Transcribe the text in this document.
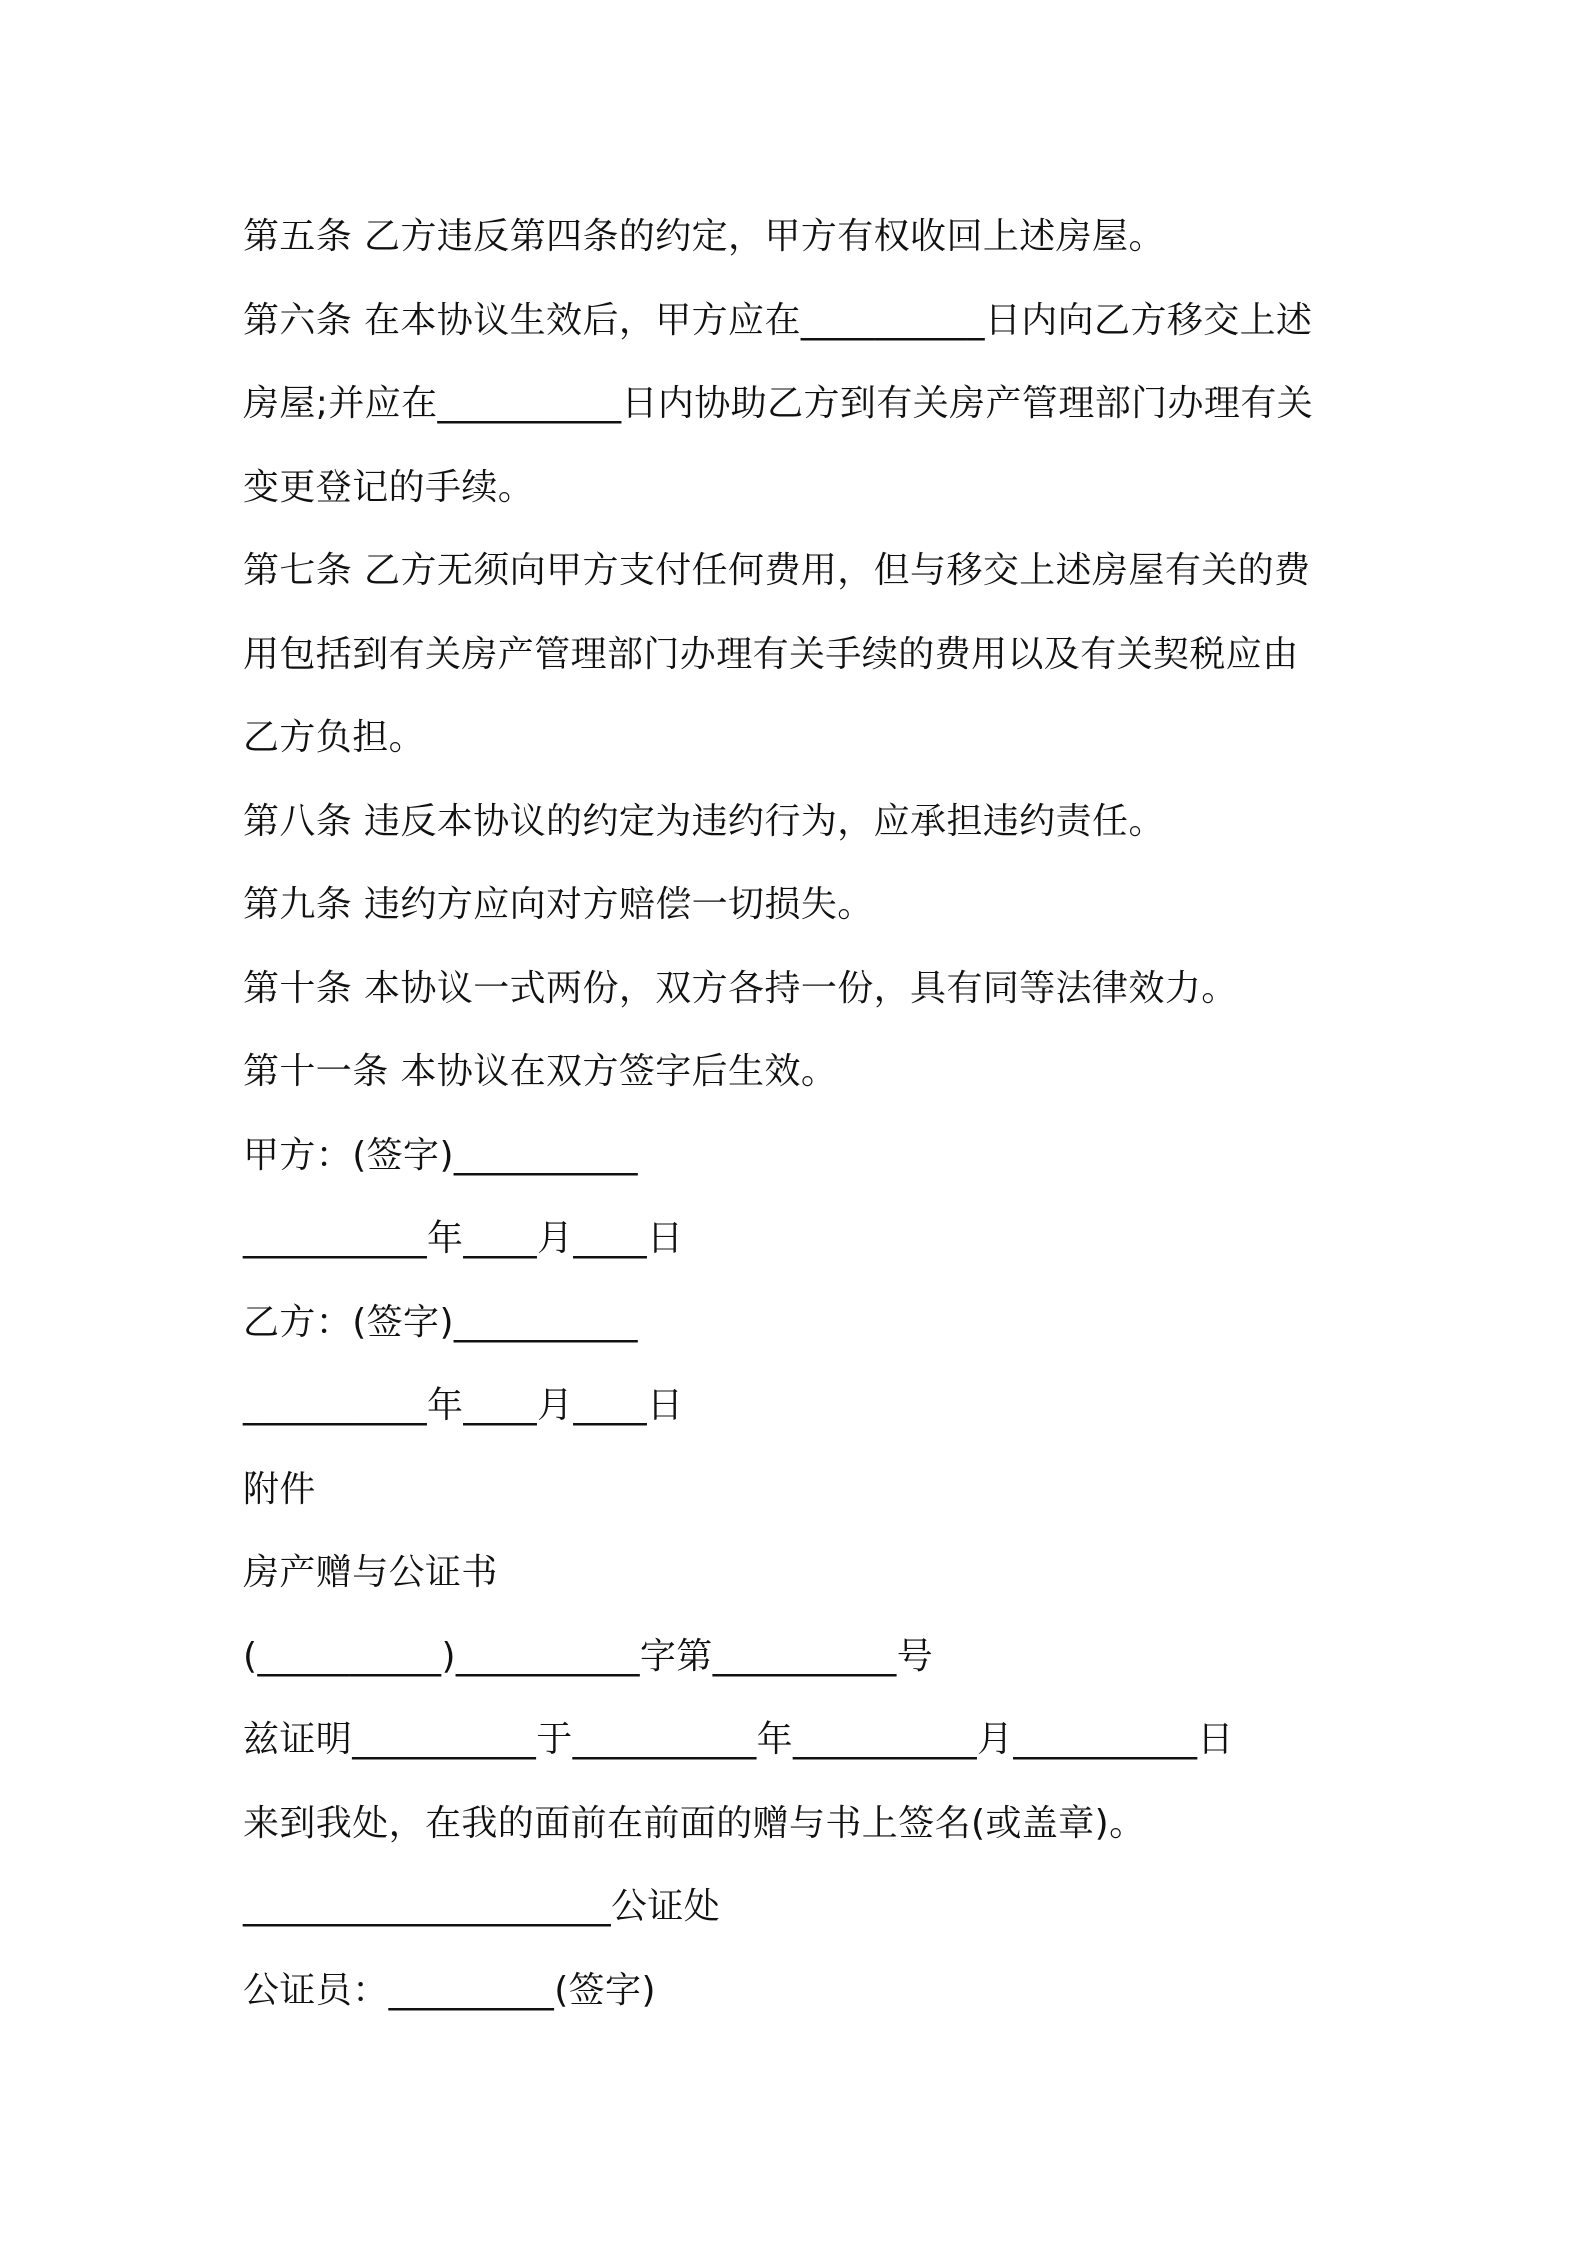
第五条 乙方违反第四条的约定，甲方有权收回上述房屋。
第六条 在本协议生效后，甲方应在__________日内向乙方移交上述
房屋;并应在__________日内协助乙方到有关房产管理部门办理有关
变更登记的手续。
第七条 乙方无须向甲方支付任何费用，但与移交上述房屋有关的费
用包括到有关房产管理部门办理有关手续的费用以及有关契税应由
乙方负担。
第八条 违反本协议的约定为违约行为，应承担违约责任。
第九条 违约方应向对方赔偿一切损失。
第十条 本协议一式两份，双方各持一份，具有同等法律效力。
第十一条 本协议在双方签字后生效。
甲方：(签字)__________
__________年____月____日
乙方：(签字)__________
__________年____月____日
附件
房产赠与公证书
(__________)__________字第__________号
兹证明__________于__________年__________月__________日
来到我处，在我的面前在前面的赠与书上签名(或盖章)。
____________________公证处
公证员：_________(签字)
